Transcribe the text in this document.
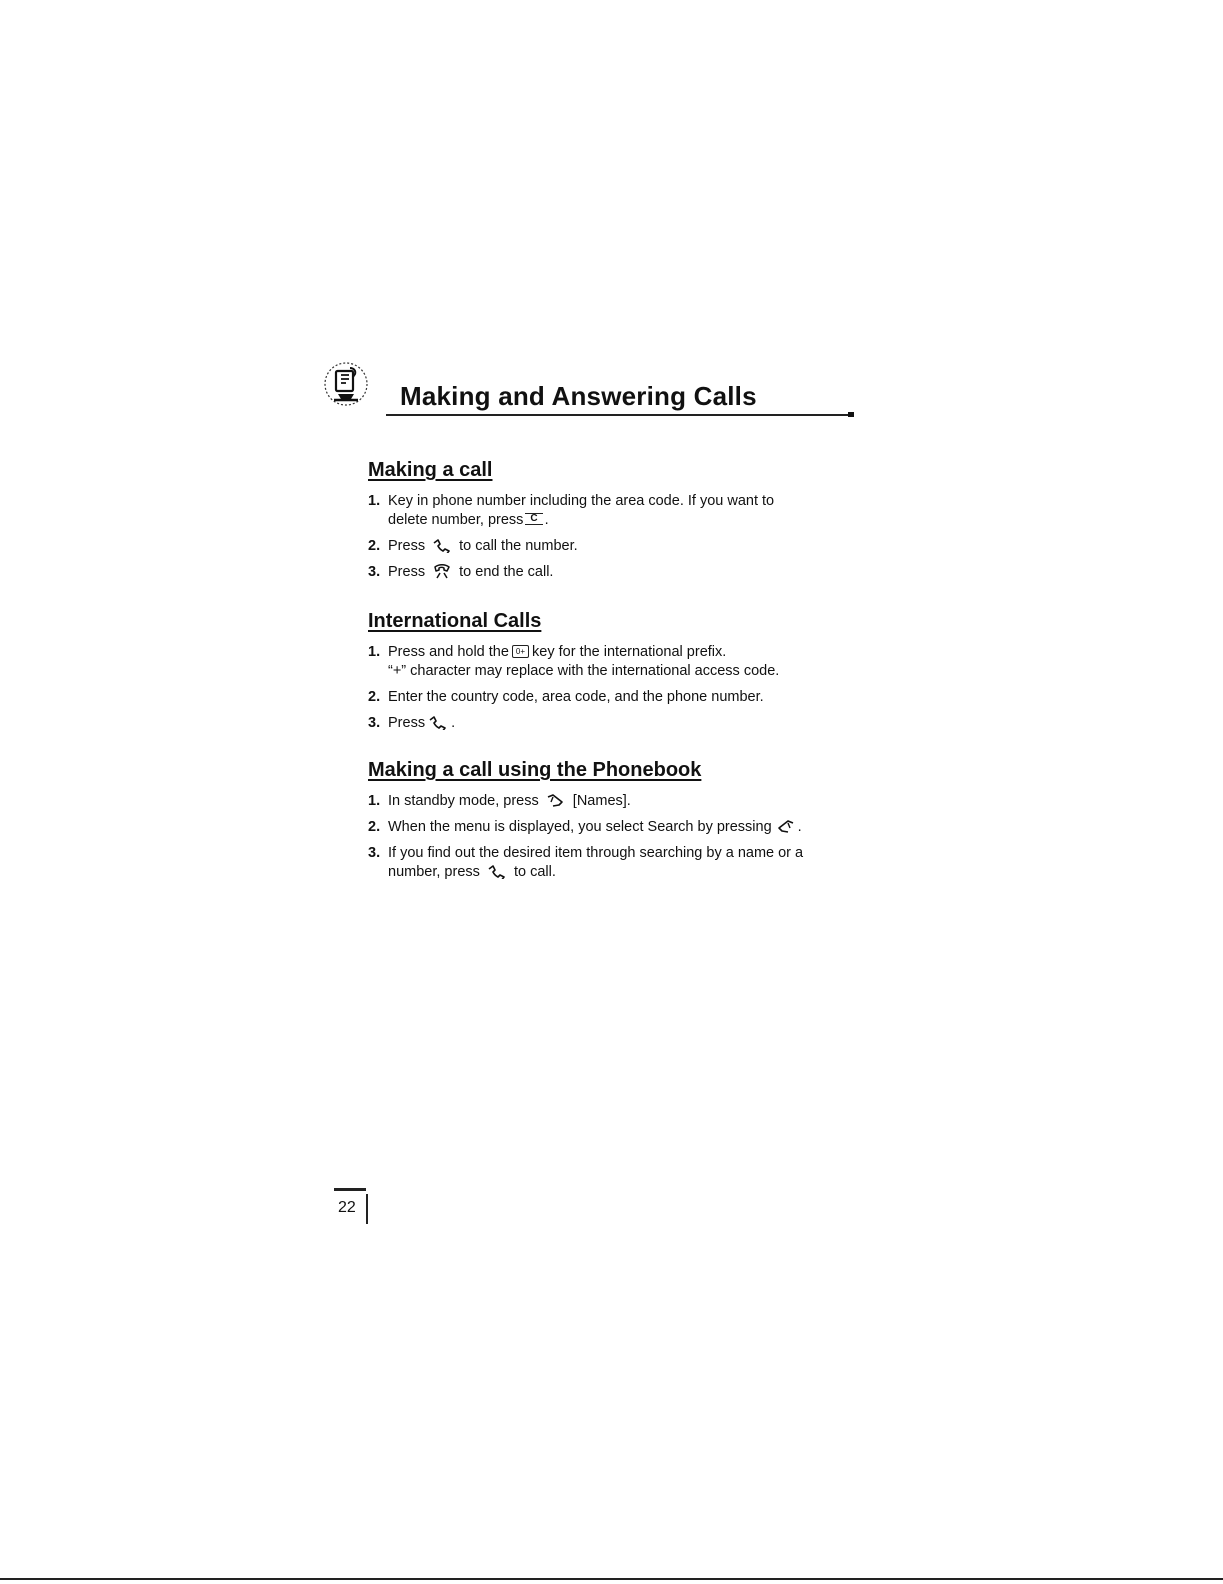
Making and Answering Calls
Making a call
1. Key in phone number including the area code. If you want to
delete number, press C .
2. Press to call the number.
3. Press to end the call.
International Calls
1. Press and hold the 0+ key for the international prefix.
“+” character may replace with the international access code.
2. Enter the country code, area code, and the phone number.
3. Press .
Making a call using the Phonebook
1. In standby mode, press [Names].
2. When the menu is displayed, you select Search by pressing .
3. If you find out the desired item through searching by a name or a
number, press to call.
22
